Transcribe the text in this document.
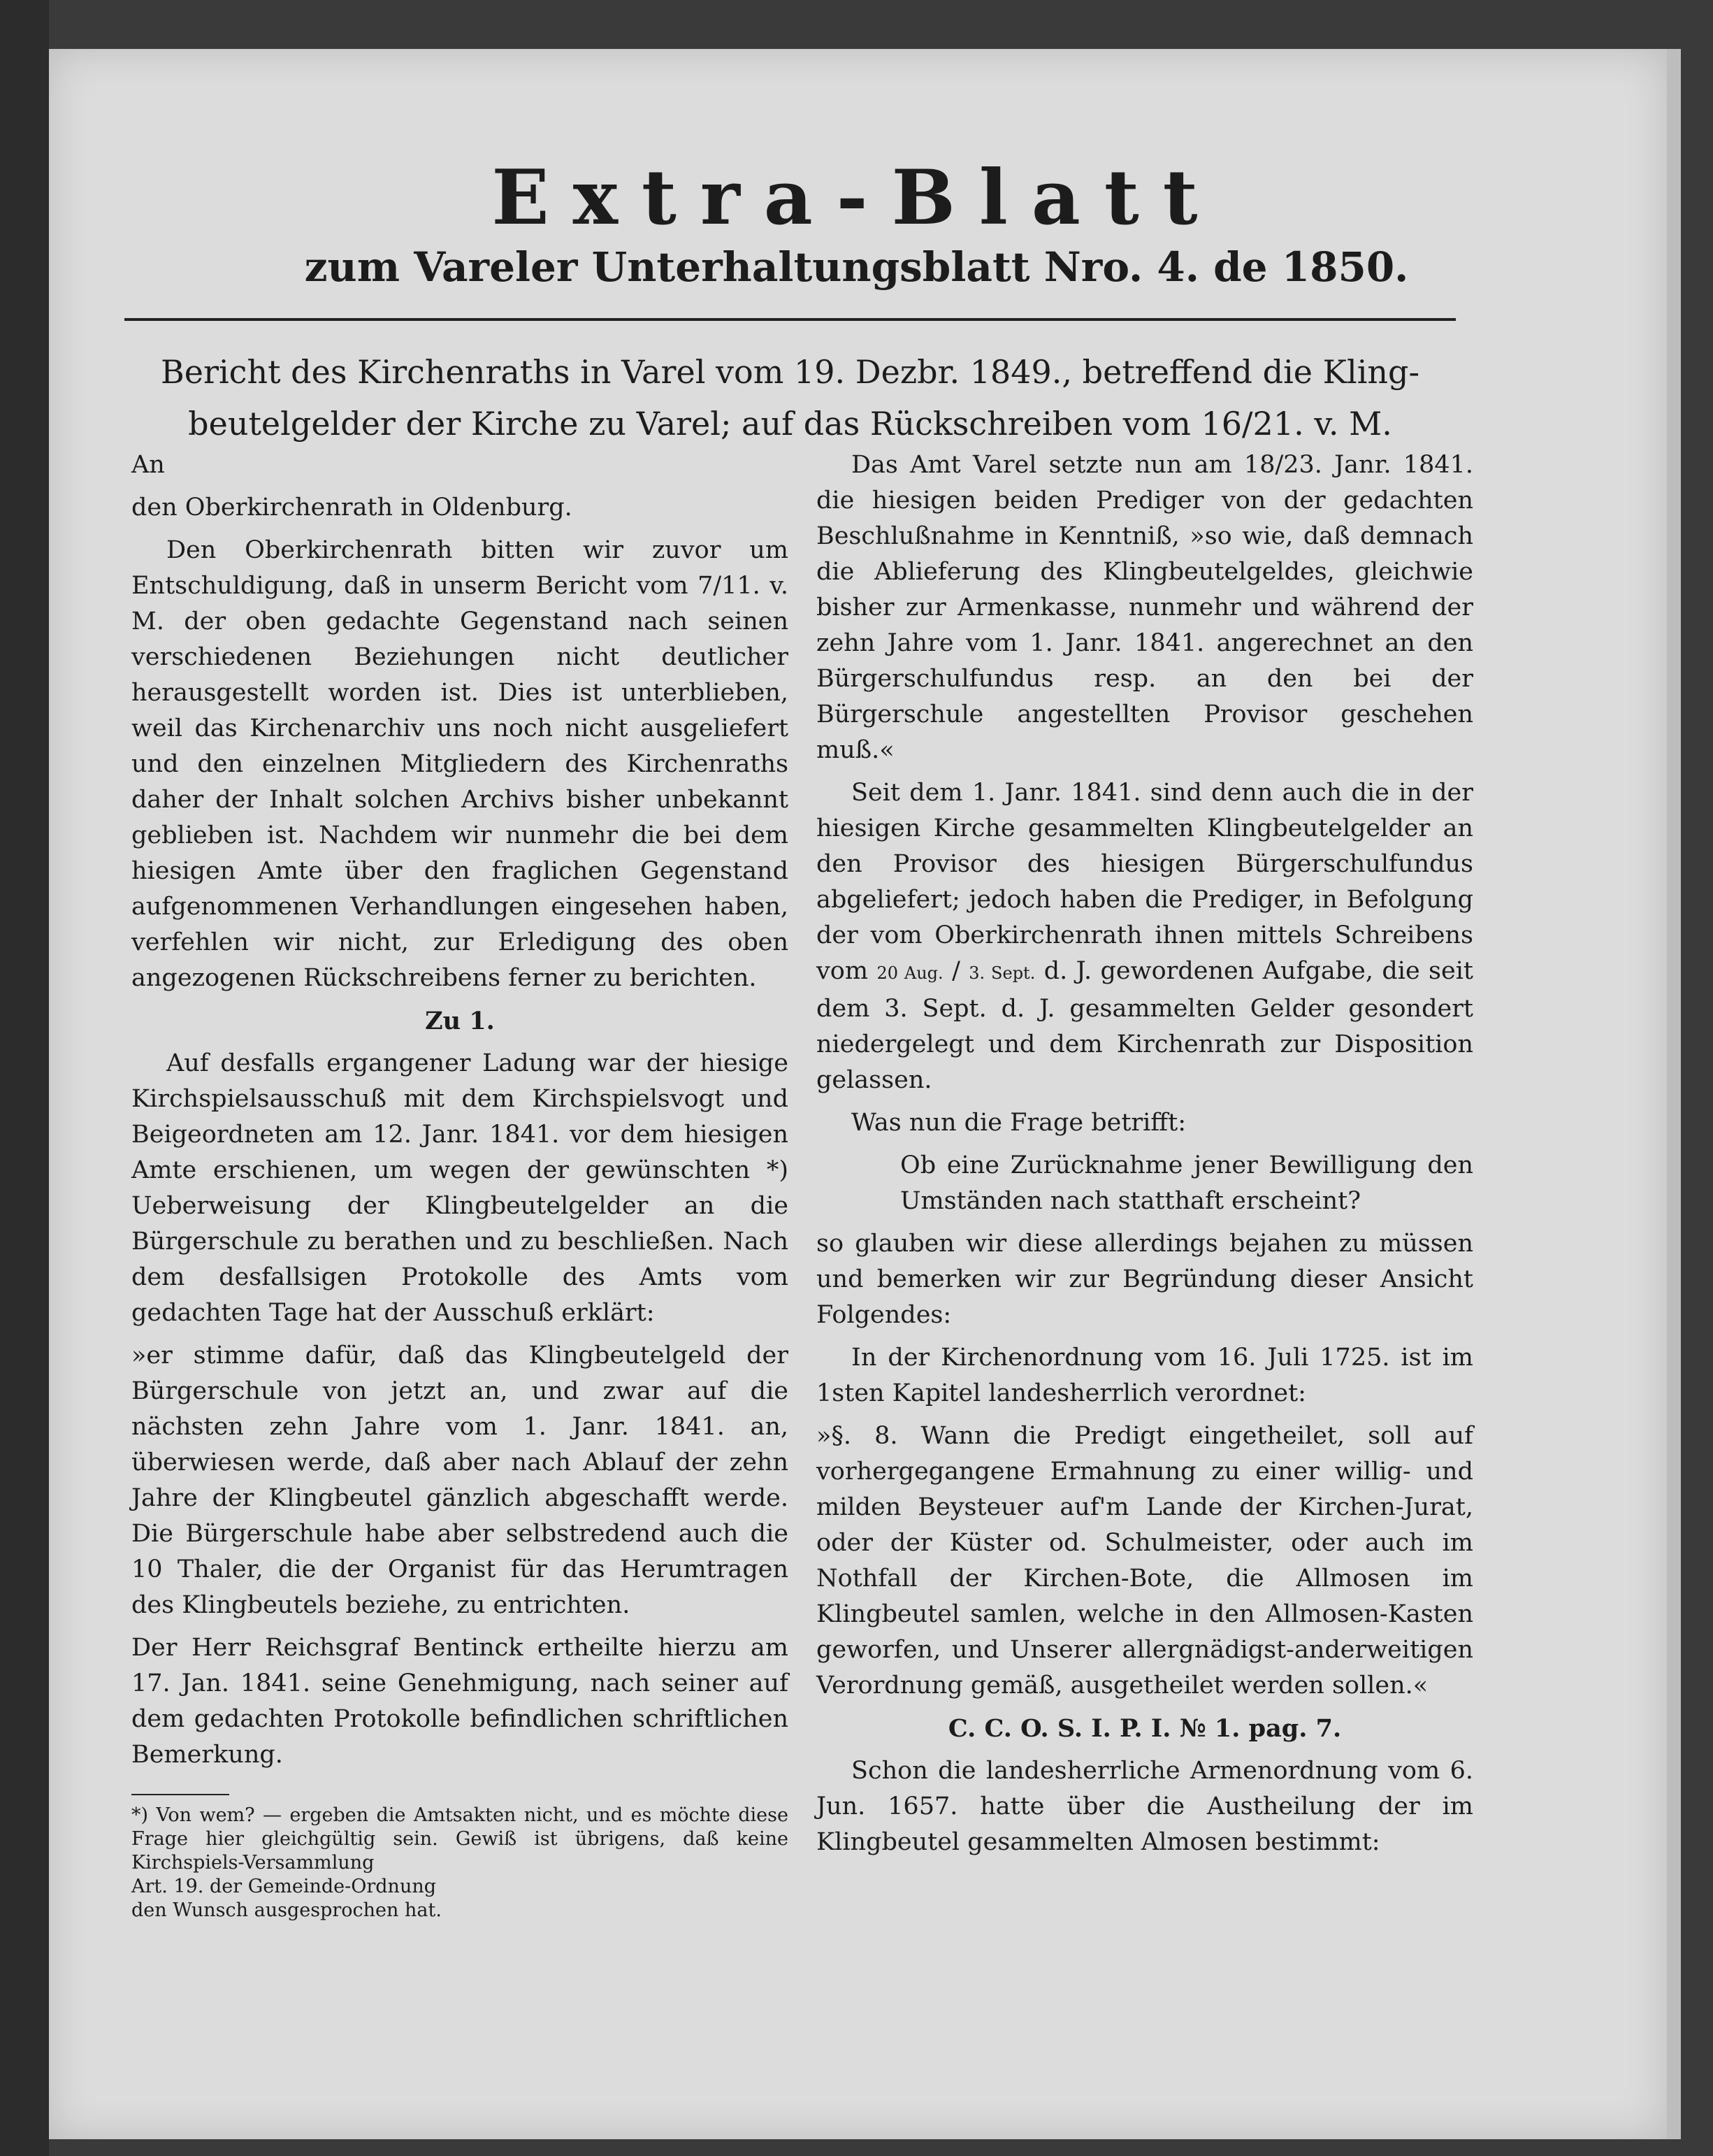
Extra-Blatt
zum Vareler Unterhaltungsblatt Nro. 4. de 1850.
Bericht des Kirchenraths in Varel vom 19. Dezbr. 1849., betreffend die Kling-
beutelgelder der Kirche zu Varel; auf das Rückschreiben vom 16/21. v. M.

An

den Oberkirchenrath in Oldenburg.

Den Oberkirchenrath bitten wir zuvor um Entschuldigung, daß in unserm Bericht vom 7/11. v. M. der oben gedachte Gegenstand nach seinen verschiedenen Beziehungen nicht deutlicher herausgestellt worden ist. Dies ist unterblieben, weil das Kirchenarchiv uns noch nicht ausgeliefert und den einzelnen Mitgliedern des Kirchenraths daher der Inhalt solchen Archivs bisher unbekannt geblieben ist. Nachdem wir nunmehr die bei dem hiesigen Amte über den fraglichen Gegenstand aufgenommenen Verhandlungen eingesehen haben, verfehlen wir nicht, zur Erledigung des oben angezogenen Rückschreibens ferner zu berichten.

Zu 1.

Auf desfalls ergangener Ladung war der hiesige Kirchspielsausschuß mit dem Kirchspielsvogt und Beigeordneten am 12. Janr. 1841. vor dem hiesigen Amte erschienen, um wegen der gewünschten *) Ueberweisung der Klingbeutelgelder an die Bürgerschule zu berathen und zu beschließen. Nach dem desfallsigen Protokolle des Amts vom gedachten Tage hat der Ausschuß erklärt:

»er stimme dafür, daß das Klingbeutelgeld der Bürgerschule von jetzt an, und zwar auf die nächsten zehn Jahre vom 1. Janr. 1841. an, überwiesen werde, daß aber nach Ablauf der zehn Jahre der Klingbeutel gänzlich abgeschafft werde. Die Bürgerschule habe aber selbstredend auch die 10 Thaler, die der Organist für das Herumtragen des Klingbeutels beziehe, zu entrichten.

Der Herr Reichsgraf Bentinck ertheilte hierzu am 17. Jan. 1841. seine Genehmigung, nach seiner auf dem gedachten Protokolle befindlichen schriftlichen Bemerkung.

*) Von wem? — ergeben die Amtsakten nicht, und es möchte diese Frage hier gleichgültig sein. Gewiß ist übrigens, daß keine Kirchspiels-Versammlung
Art. 19. der Gemeinde-Ordnung
den Wunsch ausgesprochen hat.

Das Amt Varel setzte nun am 18/23. Janr. 1841. die hiesigen beiden Prediger von der gedachten Beschlußnahme in Kenntniß, »so wie, daß demnach die Ablieferung des Klingbeutelgeldes, gleichwie bisher zur Armenkasse, nunmehr und während der zehn Jahre vom 1. Janr. 1841. angerechnet an den Bürgerschulfundus resp. an den bei der Bürgerschule angestellten Provisor geschehen muß.«

Seit dem 1. Janr. 1841. sind denn auch die in der hiesigen Kirche gesammelten Klingbeutelgelder an den Provisor des hiesigen Bürgerschulfundus abgeliefert; jedoch haben die Prediger, in Befolgung der vom Oberkirchenrath ihnen mittels Schreibens vom 20 Aug. / 3. Sept. d. J. gewordenen Aufgabe, die seit dem 3. Sept. d. J. gesammelten Gelder gesondert niedergelegt und dem Kirchenrath zur Disposition gelassen.

Was nun die Frage betrifft:

Ob eine Zurücknahme jener Bewilligung den Umständen nach statthaft erscheint?

so glauben wir diese allerdings bejahen zu müssen und bemerken wir zur Begründung dieser Ansicht Folgendes:

In der Kirchenordnung vom 16. Juli 1725. ist im 1sten Kapitel landesherrlich verordnet:

»§. 8. Wann die Predigt eingetheilet, soll auf vorhergegangene Ermahnung zu einer willig- und milden Beysteuer auf'm Lande der Kirchen-Jurat, oder der Küster od. Schulmeister, oder auch im Nothfall der Kirchen-Bote, die Allmosen im Klingbeutel samlen, welche in den Allmosen-Kasten geworfen, und Unserer allergnädigst-anderweitigen Verordnung gemäß, ausgetheilet werden sollen.«

C. C. O. S. I. P. I. № 1. pag. 7.

Schon die landesherrliche Armenordnung vom 6. Jun. 1657. hatte über die Austheilung der im Klingbeutel gesammelten Almosen bestimmt:
